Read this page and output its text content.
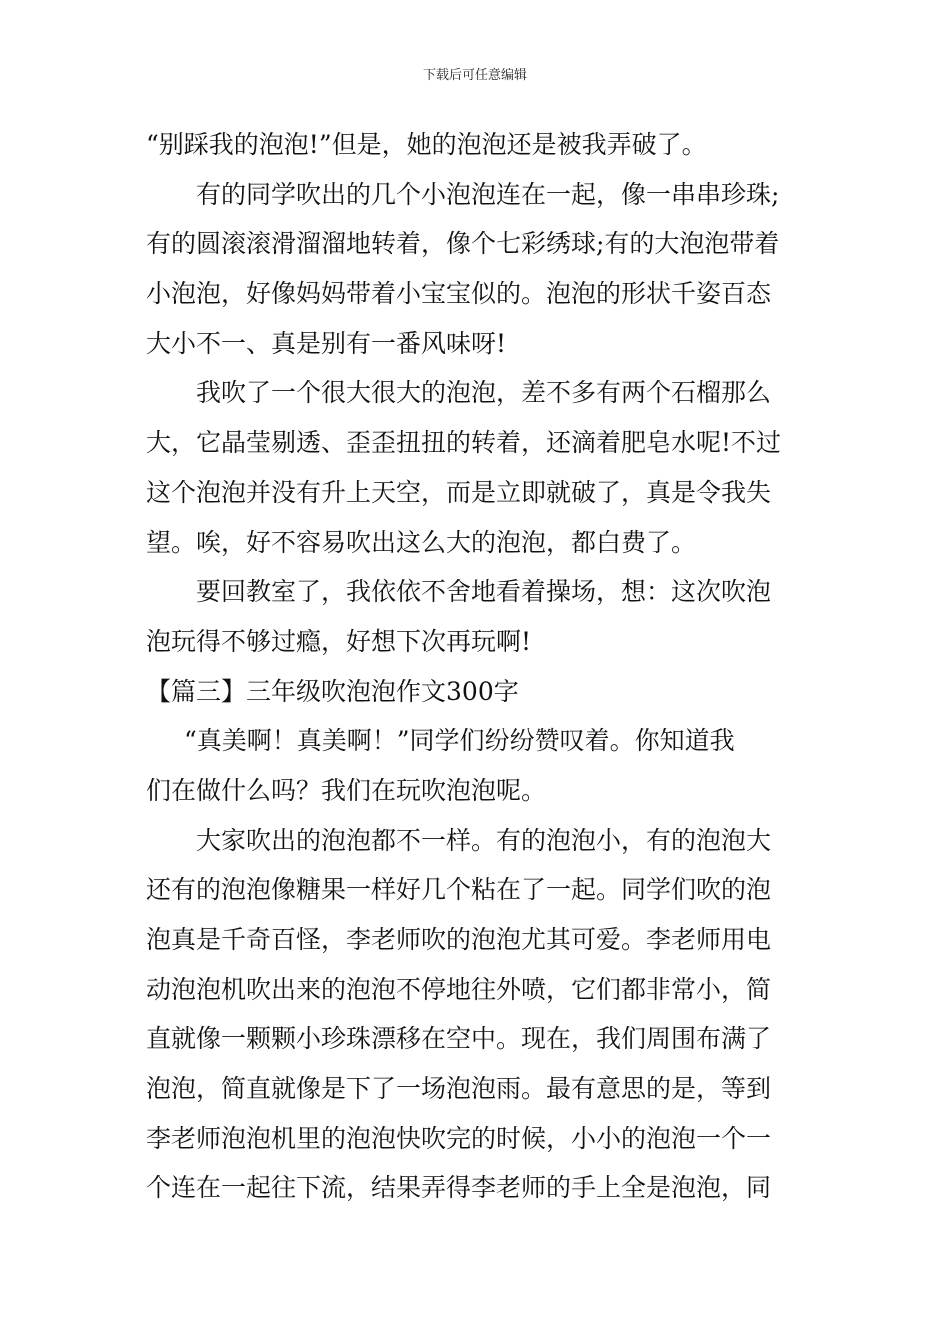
下载后可任意编辑
“别踩我的泡泡!”但是，她的泡泡还是被我弄破了。
有的同学吹出的几个小泡泡连在一起，像一串串珍珠;
有的圆滚滚滑溜溜地转着，像个七彩绣球;有的大泡泡带着
小泡泡，好像妈妈带着小宝宝似的。泡泡的形状千姿百态
大小不一、真是别有一番风味呀!
我吹了一个很大很大的泡泡，差不多有两个石榴那么
大，它晶莹剔透、歪歪扭扭的转着，还滴着肥皂水呢!不过
这个泡泡并没有升上天空，而是立即就破了，真是令我失
望。唉，好不容易吹出这么大的泡泡，都白费了。
要回教室了，我依依不舍地看着操场，想：这次吹泡
泡玩得不够过瘾，好想下次再玩啊!
【篇三】三年级吹泡泡作文300字
“真美啊！真美啊！”同学们纷纷赞叹着。你知道我
们在做什么吗？我们在玩吹泡泡呢。
大家吹出的泡泡都不一样。有的泡泡小，有的泡泡大
还有的泡泡像糖果一样好几个粘在了一起。同学们吹的泡
泡真是千奇百怪，李老师吹的泡泡尤其可爱。李老师用电
动泡泡机吹出来的泡泡不停地往外喷，它们都非常小，简
直就像一颗颗小珍珠漂移在空中。现在，我们周围布满了
泡泡，简直就像是下了一场泡泡雨。最有意思的是，等到
李老师泡泡机里的泡泡快吹完的时候，小小的泡泡一个一
个连在一起往下流，结果弄得李老师的手上全是泡泡，同
